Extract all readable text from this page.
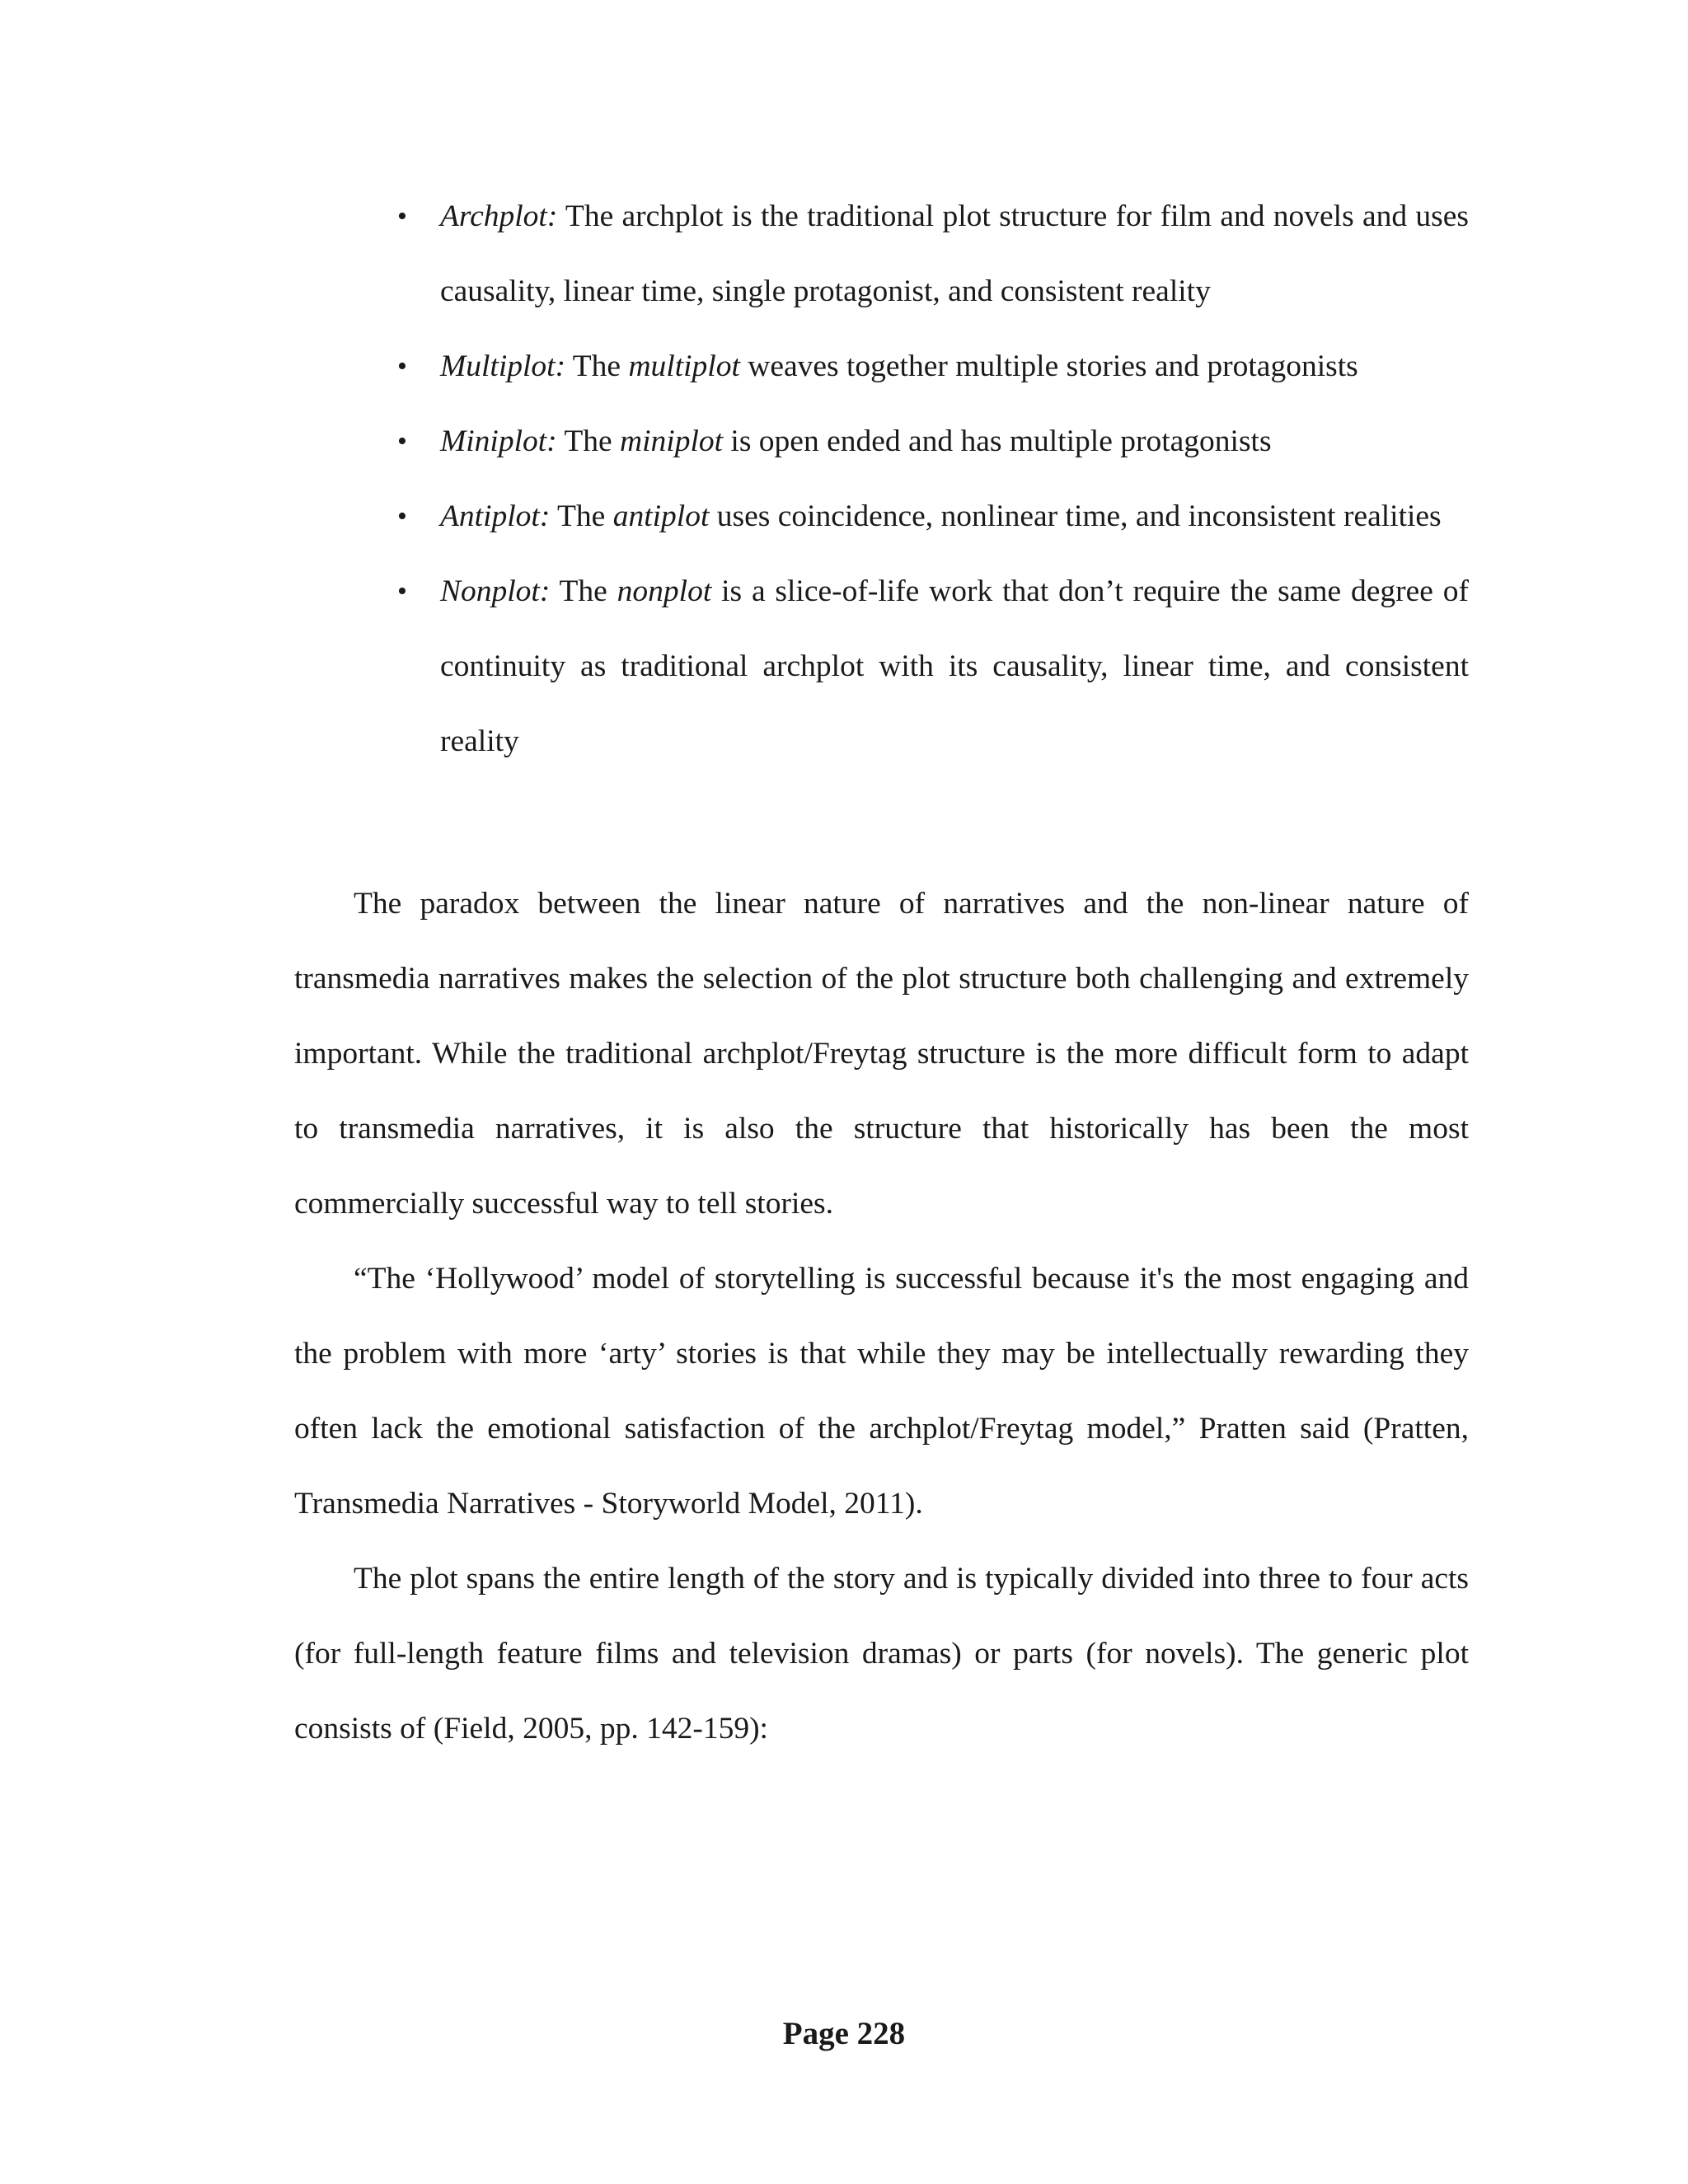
• Archplot: The archplot is the traditional plot structure for film and novels and uses causality, linear time, single protagonist, and consistent reality
• Multiplot: The multiplot weaves together multiple stories and protagonists
• Miniplot: The miniplot is open ended and has multiple protagonists
• Antiplot: The antiplot uses coincidence, nonlinear time, and inconsistent realities
• Nonplot: The nonplot is a slice-of-life work that don’t require the same degree of continuity as traditional archplot with its causality, linear time, and consistent reality

The paradox between the linear nature of narratives and the non-linear nature of transmedia narratives makes the selection of the plot structure both challenging and extremely important. While the traditional archplot/Freytag structure is the more difficult form to adapt to transmedia narratives, it is also the structure that historically has been the most commercially successful way to tell stories.

“The ‘Hollywood’ model of storytelling is successful because it's the most engaging and the problem with more ‘arty’ stories is that while they may be intellectually rewarding they often lack the emotional satisfaction of the archplot/Freytag model,” Pratten said (Pratten, Transmedia Narratives - Storyworld Model, 2011).

The plot spans the entire length of the story and is typically divided into three to four acts (for full-length feature films and television dramas) or parts (for novels). The generic plot consists of (Field, 2005, pp. 142-159):

Page 228
